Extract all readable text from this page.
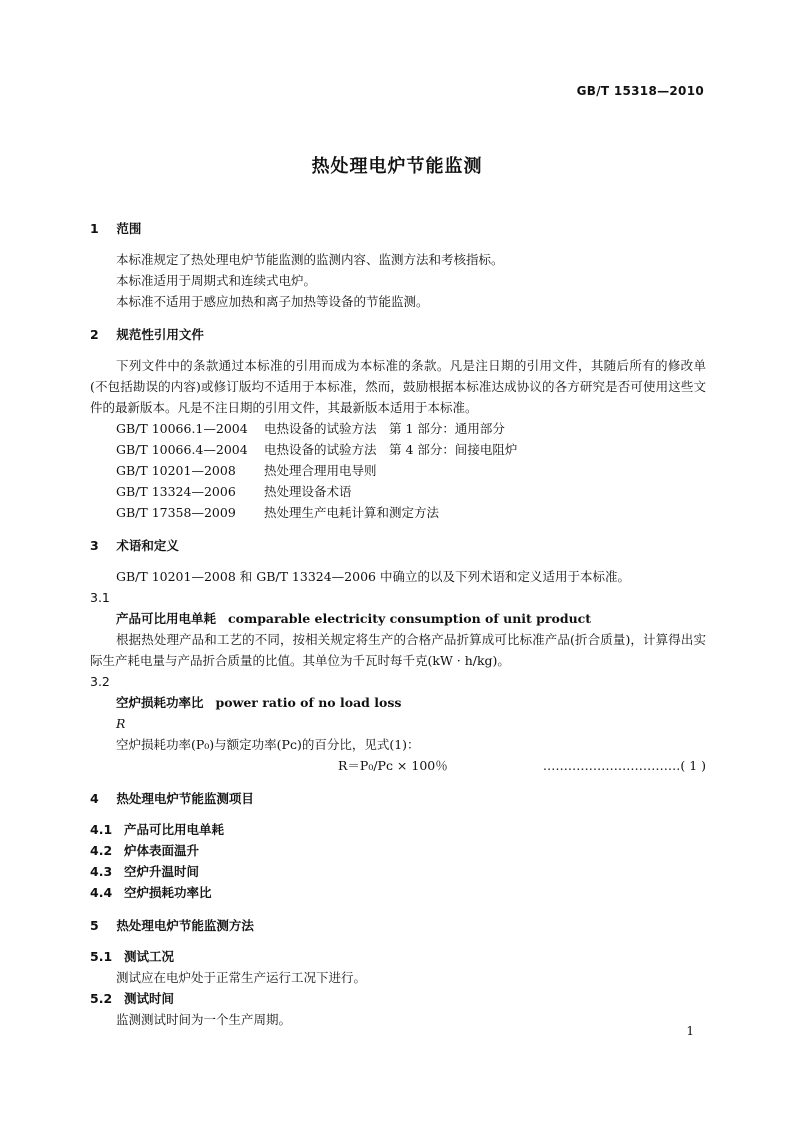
GB/T 15318—2010
热处理电炉节能监测
1 范围

本标准规定了热处理电炉节能监测的监测内容、监测方法和考核指标。

本标准适用于周期式和连续式电炉。

本标准不适用于感应加热和离子加热等设备的节能监测。

2 规范性引用文件

下列文件中的条款通过本标准的引用而成为本标准的条款。凡是注日期的引用文件，其随后所有的修改单(不包括勘误的内容)或修订版均不适用于本标准，然而，鼓励根据本标准达成协议的各方研究是否可使用这些文件的最新版本。凡是不注日期的引用文件，其最新版本适用于本标准。

GB/T 10066.1—2004 电热设备的试验方法　第 1 部分：通用部分

GB/T 10066.4—2004 电热设备的试验方法　第 4 部分：间接电阻炉

GB/T 10201—2008 热处理合理用电导则

GB/T 13324—2006 热处理设备术语

GB/T 17358—2009 热处理生产电耗计算和测定方法

3 术语和定义

GB/T 10201—2008 和 GB/T 13324—2006 中确立的以及下列术语和定义适用于本标准。

3.1

产品可比用电单耗 comparable electricity consumption of unit product

根据热处理产品和工艺的不同，按相关规定将生产的合格产品折算成可比标准产品(折合质量)，计算得出实际生产耗电量与产品折合质量的比值。其单位为千瓦时每千克(kW · h/kg)。

3.2

空炉损耗功率比 power ratio of no load loss

R

空炉损耗功率(P₀)与额定功率(Pᴄ)的百分比，见式(1)：

R＝P₀/Pᴄ × 100％	……………………………( 1 )
4 热处理电炉节能监测项目
4.1 产品可比用电单耗
4.2 炉体表面温升
4.3 空炉升温时间
4.4 空炉损耗功率比
5 热处理电炉节能监测方法
5.1 测试工况

测试应在电炉处于正常生产运行工况下进行。

5.2 测试时间

监测测试时间为一个生产周期。

1
